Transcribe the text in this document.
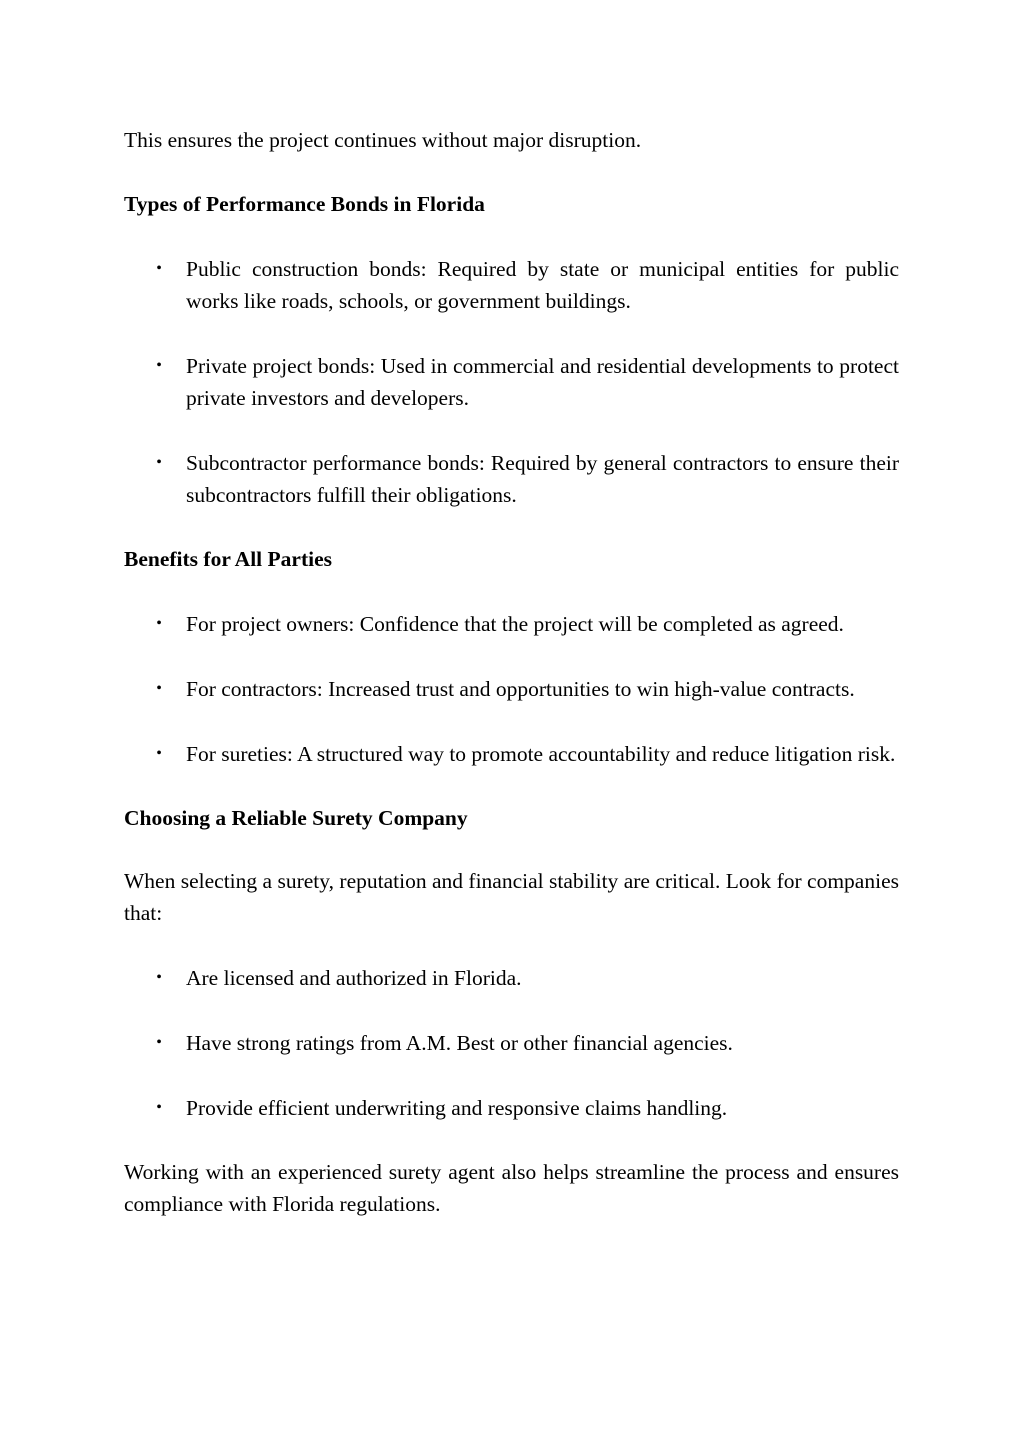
This ensures the project continues without major disruption.

Types of Performance Bonds in Florida

• Public construction bonds: Required by state or municipal entities for public works like roads, schools, or government buildings.
• Private project bonds: Used in commercial and residential developments to protect private investors and developers.
• Subcontractor performance bonds: Required by general contractors to ensure their subcontractors fulfill their obligations.

Benefits for All Parties

• For project owners: Confidence that the project will be completed as agreed.
• For contractors: Increased trust and opportunities to win high-value contracts.
• For sureties: A structured way to promote accountability and reduce litigation risk.

Choosing a Reliable Surety Company

When selecting a surety, reputation and financial stability are critical. Look for companies that:

• Are licensed and authorized in Florida.
• Have strong ratings from A.M. Best or other financial agencies.
• Provide efficient underwriting and responsive claims handling.

Working with an experienced surety agent also helps streamline the process and ensures compliance with Florida regulations.
